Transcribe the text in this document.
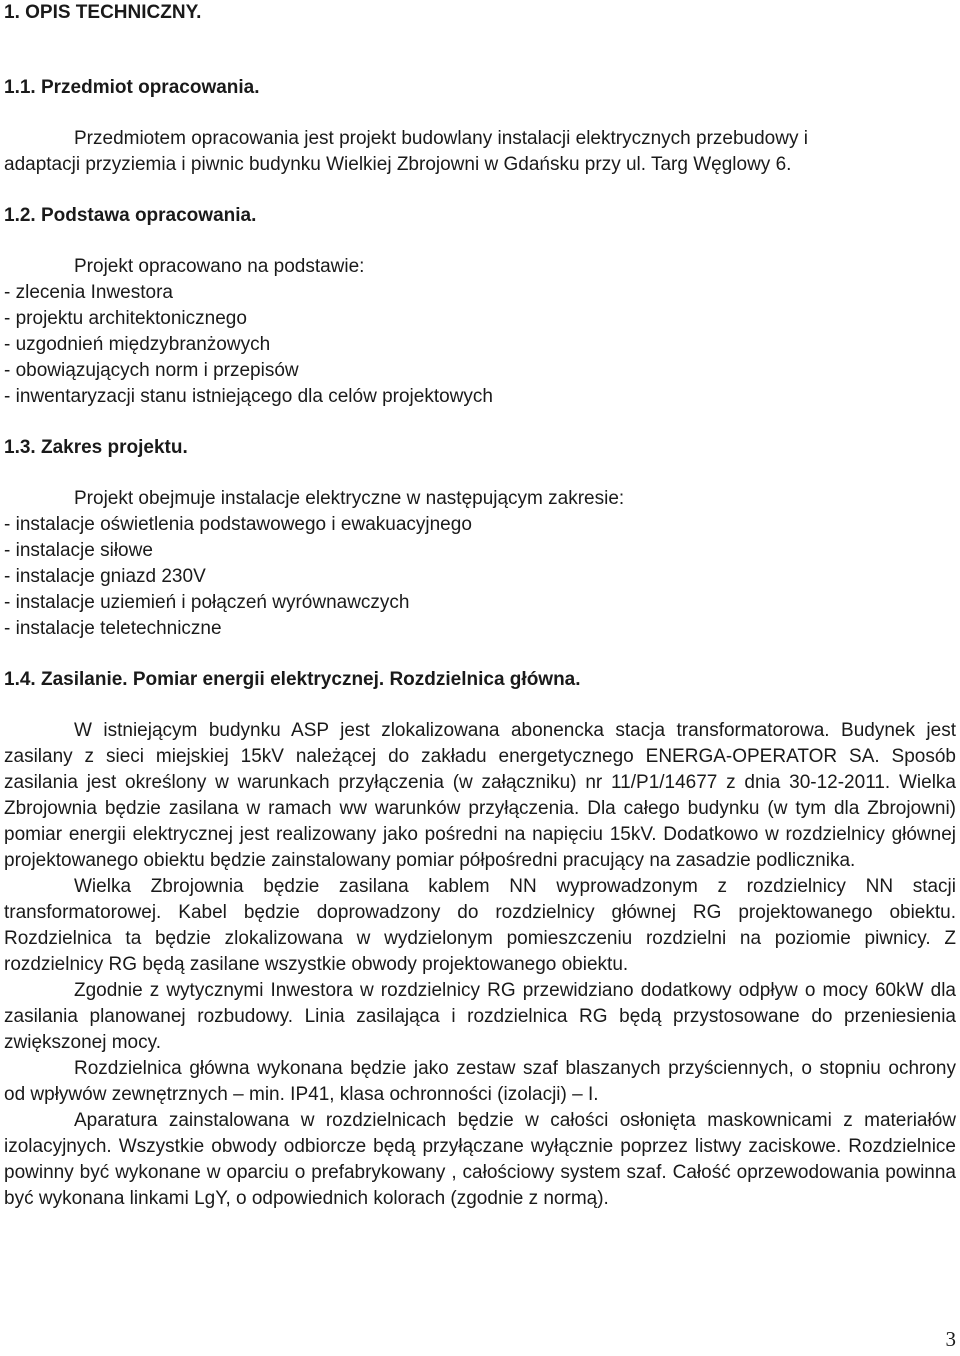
1. OPIS TECHNICZNY.
1.1. Przedmiot opracowania.
Przedmiotem opracowania jest projekt budowlany instalacji elektrycznych przebudowy i
adaptacji przyziemia i piwnic budynku Wielkiej Zbrojowni w Gdańsku przy ul. Targ Węglowy 6.
1.2. Podstawa opracowania.
Projekt opracowano na podstawie:
- zlecenia Inwestora
- projektu architektonicznego
- uzgodnień międzybranżowych
- obowiązujących norm i przepisów
- inwentaryzacji stanu istniejącego dla celów projektowych
1.3. Zakres projektu.
Projekt obejmuje instalacje elektryczne w następującym zakresie:
- instalacje oświetlenia podstawowego i ewakuacyjnego
- instalacje siłowe
- instalacje gniazd 230V
- instalacje uziemień i połączeń wyrównawczych
- instalacje teletechniczne
1.4. Zasilanie. Pomiar energii elektrycznej. Rozdzielnica główna.

W istniejącym budynku ASP jest zlokalizowana abonencka stacja transformatorowa. Budynek jest zasilany z sieci miejskiej 15kV należącej do zakładu energetycznego ENERGA-OPERATOR SA. Sposób zasilania jest określony w warunkach przyłączenia (w załączniku) nr 11/P1/14677 z dnia 30-12-2011. Wielka Zbrojownia będzie zasilana w ramach ww warunków przyłączenia. Dla całego budynku (w tym dla Zbrojowni) pomiar energii elektrycznej jest realizowany jako pośredni na napięciu 15kV. Dodatkowo w rozdzielnicy głównej projektowanego obiektu będzie zainstalowany pomiar półpośredni pracujący na zasadzie podlicznika.

Wielka Zbrojownia będzie zasilana kablem NN wyprowadzonym z rozdzielnicy NN stacji transformatorowej. Kabel będzie doprowadzony do rozdzielnicy głównej RG projektowanego obiektu. Rozdzielnica ta będzie zlokalizowana w wydzielonym pomieszczeniu rozdzielni na poziomie piwnicy. Z rozdzielnicy RG będą zasilane wszystkie obwody projektowanego obiektu.

Zgodnie z wytycznymi Inwestora w rozdzielnicy RG przewidziano dodatkowy odpływ o mocy 60kW dla zasilania planowanej rozbudowy. Linia zasilająca i rozdzielnica RG będą przystosowane do przeniesienia zwiększonej mocy.

Rozdzielnica główna wykonana będzie jako zestaw szaf blaszanych przyściennych, o stopniu ochrony od wpływów zewnętrznych – min. IP41, klasa ochronności (izolacji) – I.

Aparatura zainstalowana w rozdzielnicach będzie w całości osłonięta maskownicami z materiałów izolacyjnych. Wszystkie obwody odbiorcze będą przyłączane wyłącznie poprzez listwy zaciskowe. Rozdzielnice powinny być wykonane w oparciu o prefabrykowany , całościowy system szaf. Całość oprzewodowania powinna być wykonana linkami LgY, o odpowiednich kolorach (zgodnie z normą).

3
